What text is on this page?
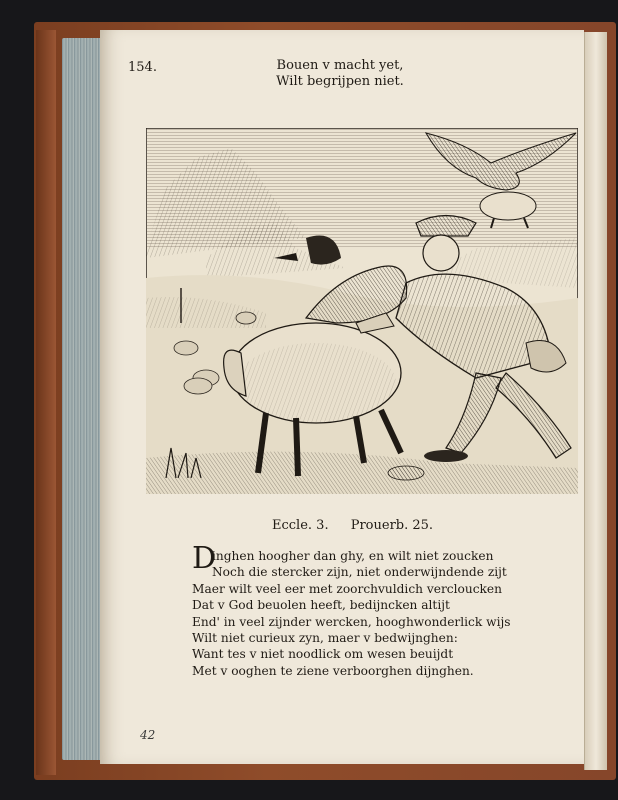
154.	Bouen v macht yet,
Wilt begrijpen niet.
Eccle. 3. Prouerb. 25.
D
inghen hoogher dan ghy, en wilt niet zoucken
Noch die stercker zijn, niet onderwijndende zijt
Maer wilt veel eer met zoorchvuldich vercloucken
Dat v God beuolen heeft, bedijncken altijt
End' in veel zijnder wercken, hooghwonderlick wijs
Wilt niet curieux zyn, maer v bedwijnghen:
Want tes v niet noodlick om wesen beuijdt
Met v ooghen te ziene verboorghen dijnghen.
42
